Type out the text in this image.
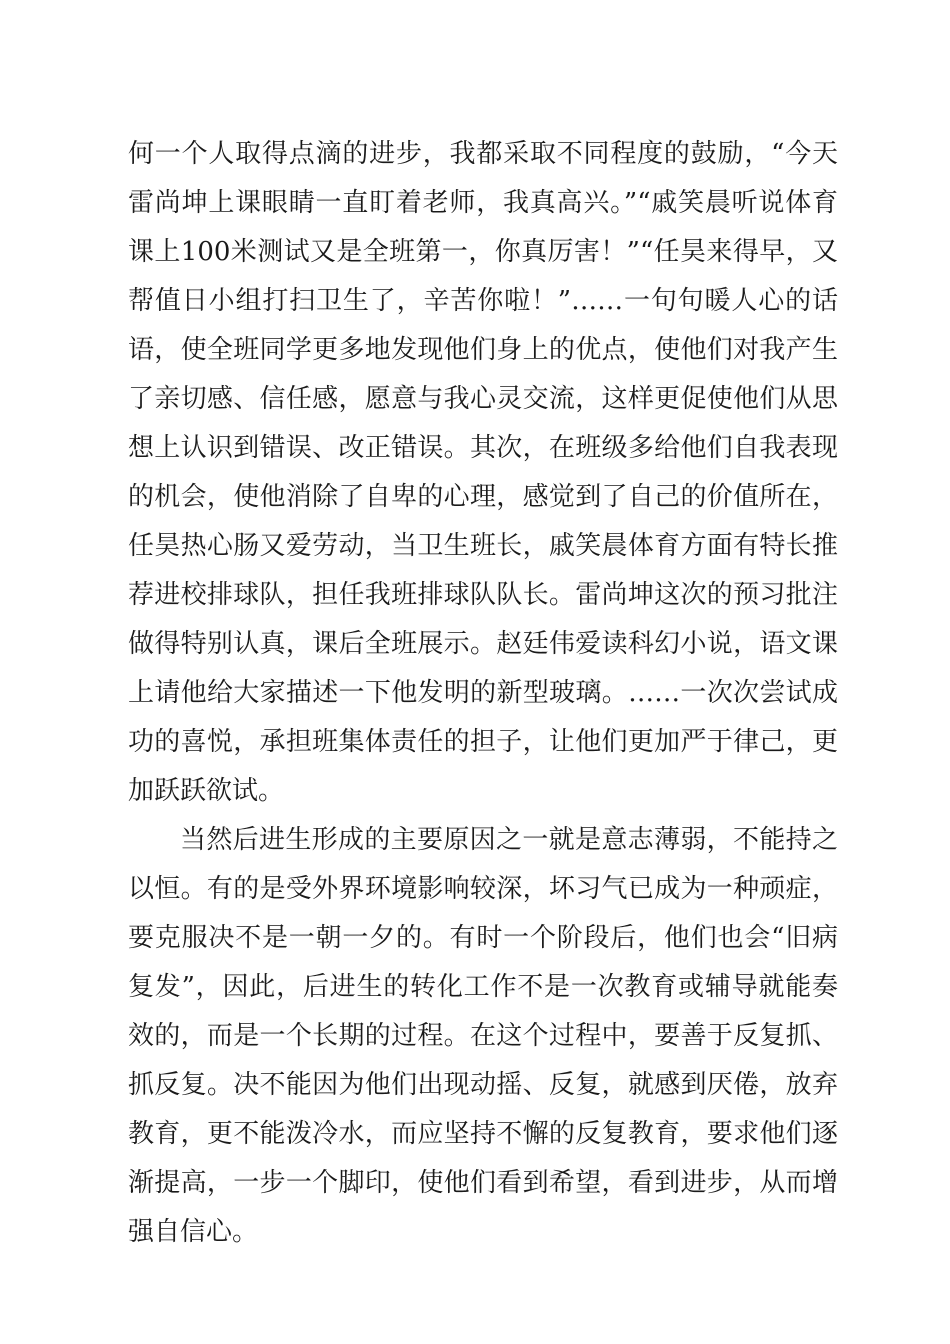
何一个人取得点滴的进步，我都采取不同程度的鼓励，“今天雷尚坤上课眼睛一直盯着老师，我真高兴。”“戚笑晨听说体育课上100米测试又是全班第一，你真厉害！”“任昊来得早，又帮值日小组打扫卫生了，辛苦你啦！”……一句句暖人心的话语，使全班同学更多地发现他们身上的优点，使他们对我产生了亲切感、信任感，愿意与我心灵交流，这样更促使他们从思想上认识到错误、改正错误。其次，在班级多给他们自我表现的机会，使他消除了自卑的心理，感觉到了自己的价值所在，任昊热心肠又爱劳动，当卫生班长，戚笑晨体育方面有特长推荐进校排球队，担任我班排球队队长。雷尚坤这次的预习批注做得特别认真，课后全班展示。赵廷伟爱读科幻小说，语文课上请他给大家描述一下他发明的新型玻璃。……一次次尝试成功的喜悦，承担班集体责任的担子，让他们更加严于律己，更加跃跃欲试。

当然后进生形成的主要原因之一就是意志薄弱，不能持之以恒。有的是受外界环境影响较深，坏习气已成为一种顽症，要克服决不是一朝一夕的。有时一个阶段后，他们也会“旧病复发”，因此，后进生的转化工作不是一次教育或辅导就能奏效的，而是一个长期的过程。在这个过程中，要善于反复抓、抓反复。决不能因为他们出现动摇、反复，就感到厌倦，放弃教育，更不能泼冷水，而应坚持不懈的反复教育，要求他们逐渐提高，一步一个脚印，使他们看到希望，看到进步，从而增强自信心。
